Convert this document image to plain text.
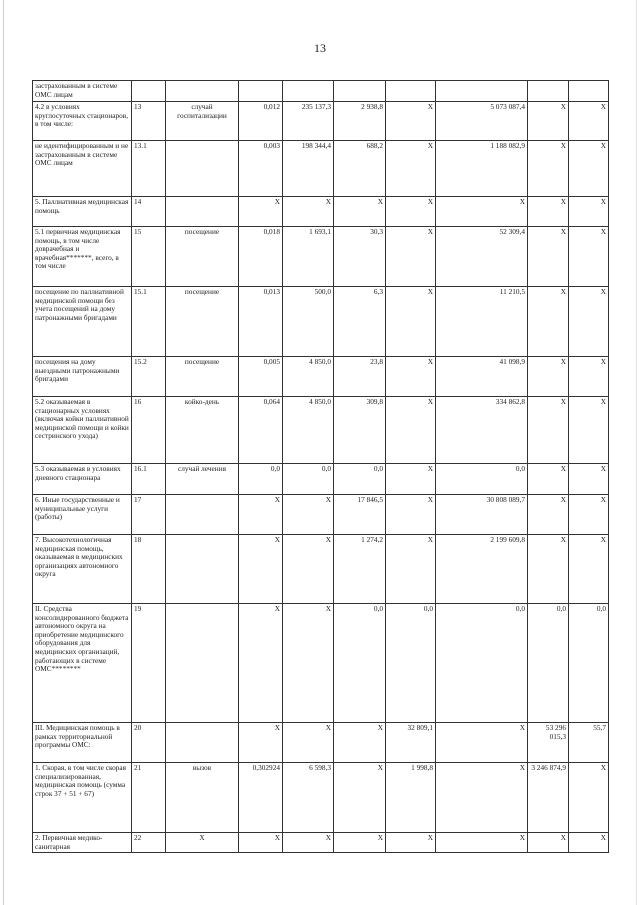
13
застрахованным в системе ОМС лицам									
4.2 в условиях круглосуточных стационаров, в том числе:	13	случай госпитализации	0,012	235 137,3	2 938,8	X	5 073 087,4	X	X
не идентифицированным и не застрахованным в системе ОМС лицам	13.1		0,003	198 344,4	688,2	X	1 188 082,9	X	X
5. Паллиативная медицинская помощь	14		X	X	X	X	X	X	X
5.1 первичная медицинская помощь, в том числе доврачебная и врачебная*******, всего, в том числе	15	посещение	0,018	1 693,1	30,3	X	52 309,4	X	X
посещение по паллиативной медицинской помощи без учета посещений на дому патронажными бригадами	15.1	посещение	0,013	500,0	6,3	X	11 210,5	X	X
посещения на дому выездными патронажными бригадами	15.2	посещение	0,005	4 850,0	23,8	X	41 098,9	X	X
5.2 оказываемая в стационарных условиях (включая койки паллиативной медицинской помощи и койки сестринского ухода)	16	койко-день	0,064	4 850,0	309,8	X	334 862,8	X	X
5.3 оказываемая в условиях дневного стационара	16.1	случай лечения	0,0	0,0	0,0	X	0,0	X	X
6. Иные государственные и муниципальные услуги (работы)	17		X	X	17 846,5	X	30 808 089,7	X	X
7. Высокотехнологичная медицинская помощь, оказываемая в медицинских организациях автономного округа	18		X	X	1 274,2	X	2 199 609,8	X	X
II. Средства консолидированного бюджета автономного округа на приобретение медицинского оборудования для медицинских организаций, работающих в системе ОМС********	19		X	X	0,0	0,0	0,0	0,0	0,0
III. Медицинская помощь в рамках территориальной программы ОМС:	20		X	X	X	32 809,1	X	53 296 015,3	55,7
1. Скорая, в том числе скорая специализированная, медицинская помощь (сумма строк 37 + 51 + 67)	21	вызов	0,302924	6 598,3	X	1 998,8	X	3 246 874,9	X
2. Первичная медико-санитарная	22	X	X	X	X	X	X	X	X
